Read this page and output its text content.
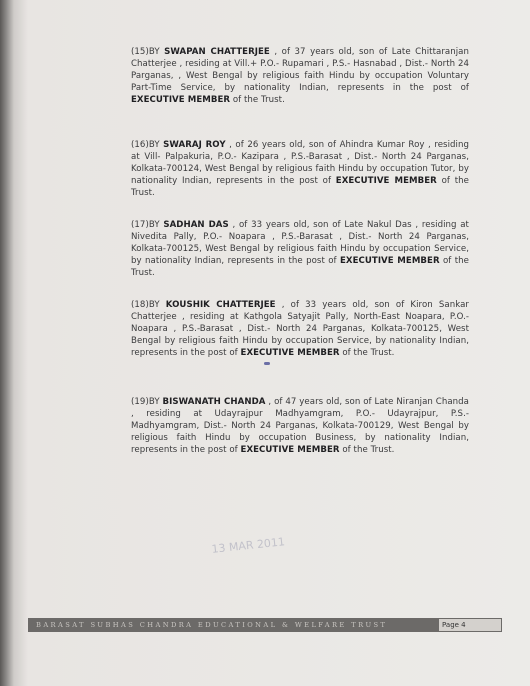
(15)BY SWAPAN CHATTERJEE , of 37 years old, son of Late Chittaranjan Chatterjee , residing at Vill.+ P.O.- Rupamari , P.S.- Hasnabad , Dist.- North 24 Parganas, , West Bengal by religious faith Hindu by occupation Voluntary Part-Time Service, by nationality Indian, represents in the post of EXECUTIVE MEMBER of the Trust.
(16)BY SWARAJ ROY , of 26 years old, son of Ahindra Kumar Roy , residing at Vill- Palpakuria, P.O.- Kazipara , P.S.-Barasat , Dist.- North 24 Parganas, Kolkata-700124, West Bengal by religious faith Hindu by occupation Tutor, by nationality Indian, represents in the post of EXECUTIVE MEMBER of the Trust.
(17)BY SADHAN DAS , of 33 years old, son of Late Nakul Das , residing at Nivedita Pally, P.O.- Noapara , P.S.-Barasat , Dist.- North 24 Parganas, Kolkata-700125, West Bengal by religious faith Hindu by occupation Service, by nationality Indian, represents in the post of EXECUTIVE MEMBER of the Trust.
(18)BY KOUSHIK CHATTERJEE , of 33 years old, son of Kiron Sankar Chatterjee , residing at Kathgola Satyajit Pally, North-East Noapara, P.O.- Noapara , P.S.-Barasat , Dist.- North 24 Parganas, Kolkata-700125, West Bengal by religious faith Hindu by occupation Service, by nationality Indian, represents in the post of EXECUTIVE MEMBER of the Trust.
(19)BY BISWANATH CHANDA , of 47 years old, son of Late Niranjan Chanda , residing at Udayrajpur Madhyamgram, P.O.- Udayrajpur, P.S.- Madhyamgram, Dist.- North 24 Parganas, Kolkata-700129, West Bengal by religious faith Hindu by occupation Business, by nationality Indian, represents in the post of EXECUTIVE MEMBER of the Trust.
13 MAR 2011
BARASAT SUBHAS CHANDRA EDUCATIONAL & WELFARE TRUST	Page 4
